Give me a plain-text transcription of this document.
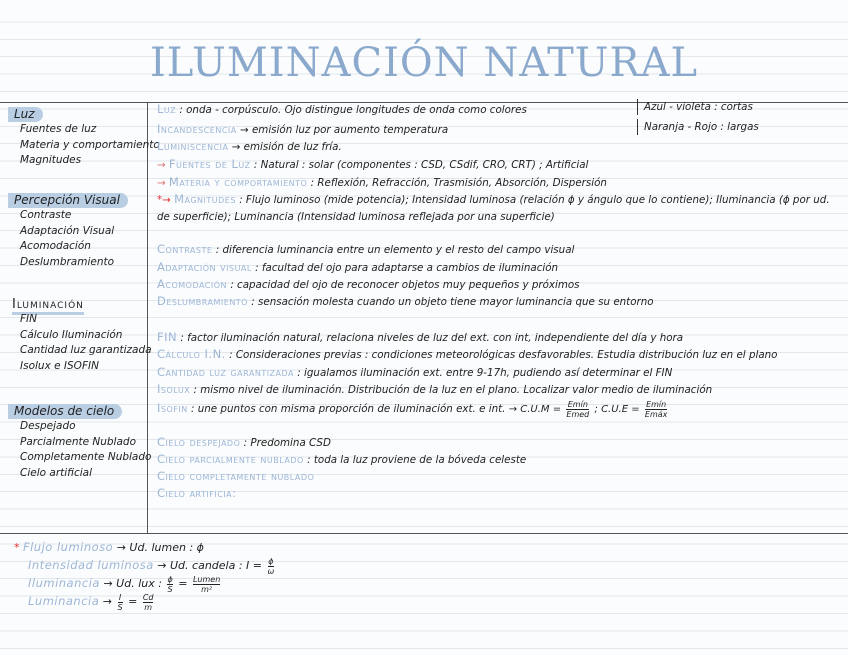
ILUMINACIÓN NATURAL
Luz
Fuentes de luz
Materia y comportamiento
Magnitudes
Percepción Visual
Contraste
Adaptación Visual
Acomodación
Deslumbramiento
Iluminación
FIN
Cálculo Iluminación
Cantidad luz garantizada
Isolux e ISOFIN
Modelos de cielo
Despejado
Parcialmente Nublado
Completamente Nublado
Cielo artificial
Luz : onda - corpúsculo. Ojo distingue longitudes de onda como colores	Azul - violeta : cortas
Naranja - Rojo : largas
Incandescencia → emisión luz por aumento temperatura
Luminiscencia → emisión de luz fría.
→ Fuentes de Luz : Natural : solar (componentes : CSD, CSdif, CRO, CRT) ; Artificial
→ Materia y comportamiento : Reflexión, Refracción, Trasmisión, Absorción, Dispersión
*→ Magnitudes : Flujo luminoso (mide potencia); Intensidad luminosa (relación ϕ y ángulo que lo contiene); Iluminancia (ϕ por ud. de superficie); Luminancia (Intensidad luminosa reflejada por una superficie)
Contraste : diferencia luminancia entre un elemento y el resto del campo visual
Adaptación visual : facultad del ojo para adaptarse a cambios de iluminación
Acomodación : capacidad del ojo de reconocer objetos muy pequeños y próximos
Deslumbramiento : sensación molesta cuando un objeto tiene mayor luminancia que su entorno
FIN : factor iluminación natural, relaciona niveles de luz del ext. con int, independiente del día y hora
Cálculo I.N. : Consideraciones previas : condiciones meteorológicas desfavorables. Estudia distribución luz en el plano
Cantidad luz garantizada : igualamos iluminación ext. entre 9-17h, pudiendo así determinar el FIN
Isolux : mismo nivel de iluminación. Distribución de la luz en el plano. Localizar valor medio de iluminación
Isofin : une puntos con misma proporción de iluminación ext. e int. → $C.U.M = \frac{\text{Emín}}{\text{Emed}}$ ; $C.U.E = \frac{\text{Emín}}{\text{Emáx}}$
Cielo despejado : Predomina CSD
Cielo parcialmente nublado : toda la luz proviene de la bóveda celeste
Cielo completamente nublado
Cielo artificia:
* Flujo luminoso → Ud. lumen : ϕ
Intensidad luminosa → Ud. candela : $I = \frac{\phi}{\omega}$
Iluminancia → Ud. lux : $\frac{\phi}{S} = \frac{\text{Lumen}}{\text{m²}}$
Luminancia → $\frac{I}{S} = \frac{Cd}{m}$
